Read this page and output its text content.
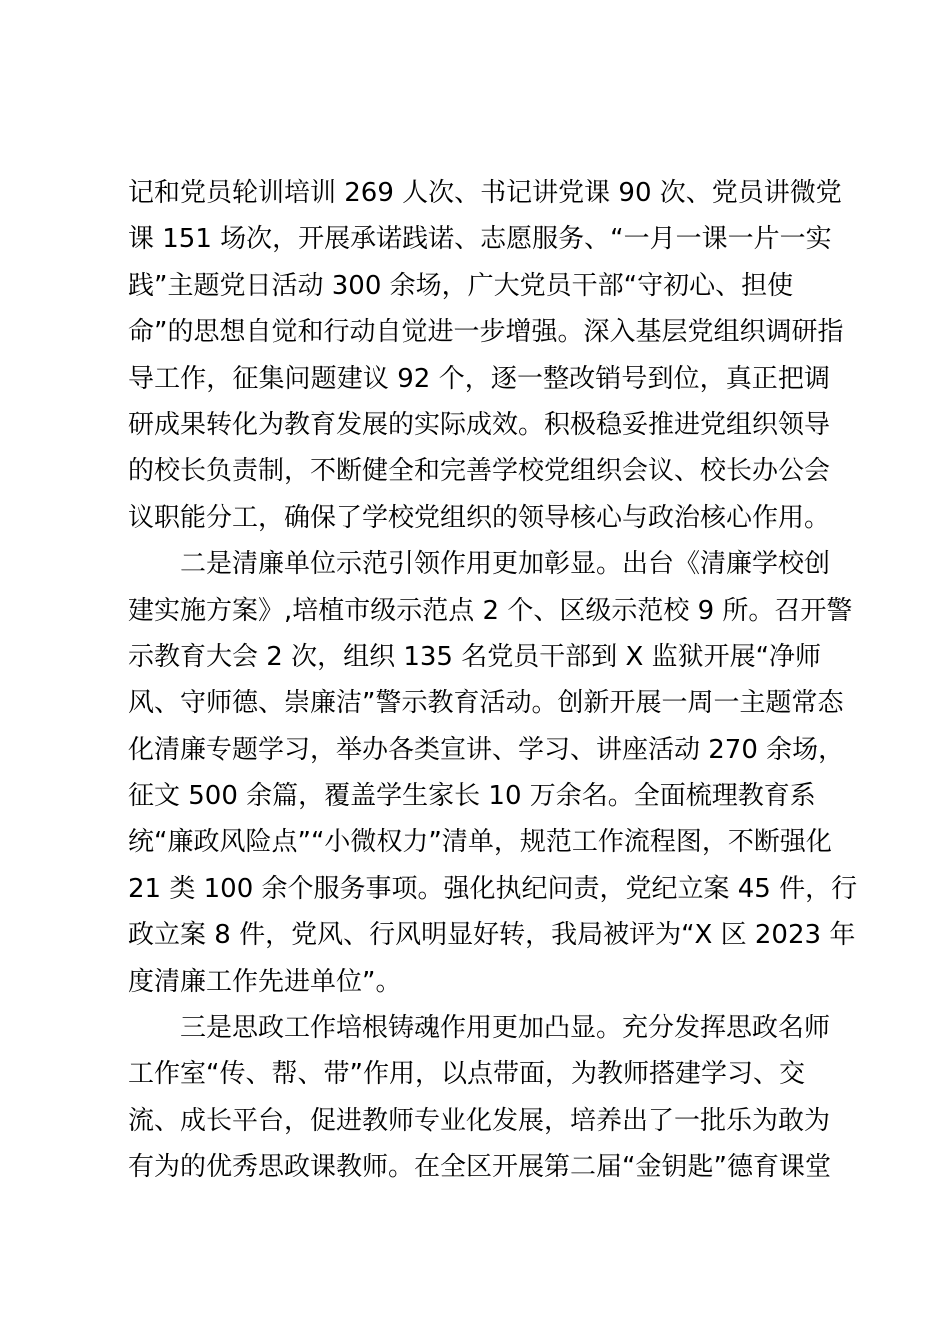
记和党员轮训培训 269 人次、书记讲党课 90 次、党员讲微党
课 151 场次，开展承诺践诺、志愿服务、“一月一课一片一实
践”主题党日活动 300 余场，广大党员干部“守初心、担使
命”的思想自觉和行动自觉进一步增强。深入基层党组织调研指
导工作，征集问题建议 92 个，逐一整改销号到位，真正把调
研成果转化为教育发展的实际成效。积极稳妥推进党组织领导
的校长负责制，不断健全和完善学校党组织会议、校长办公会
议职能分工，确保了学校党组织的领导核心与政治核心作用。
二是清廉单位示范引领作用更加彰显。出台《清廉学校创
建实施方案》,培植市级示范点 2 个、区级示范校 9 所。召开警
示教育大会 2 次，组织 135 名党员干部到 X 监狱开展“净师
风、守师德、崇廉洁”警示教育活动。创新开展一周一主题常态
化清廉专题学习，举办各类宣讲、学习、讲座活动 270 余场，
征文 500 余篇，覆盖学生家长 10 万余名。全面梳理教育系
统“廉政风险点”“小微权力”清单，规范工作流程图，不断强化
21 类 100 余个服务事项。强化执纪问责，党纪立案 45 件，行
政立案 8 件，党风、行风明显好转，我局被评为“X 区 2023 年
度清廉工作先进单位”。
三是思政工作培根铸魂作用更加凸显。充分发挥思政名师
工作室“传、帮、带”作用，以点带面，为教师搭建学习、交
流、成长平台，促进教师专业化发展，培养出了一批乐为敢为
有为的优秀思政课教师。在全区开展第二届“金钥匙”德育课堂
